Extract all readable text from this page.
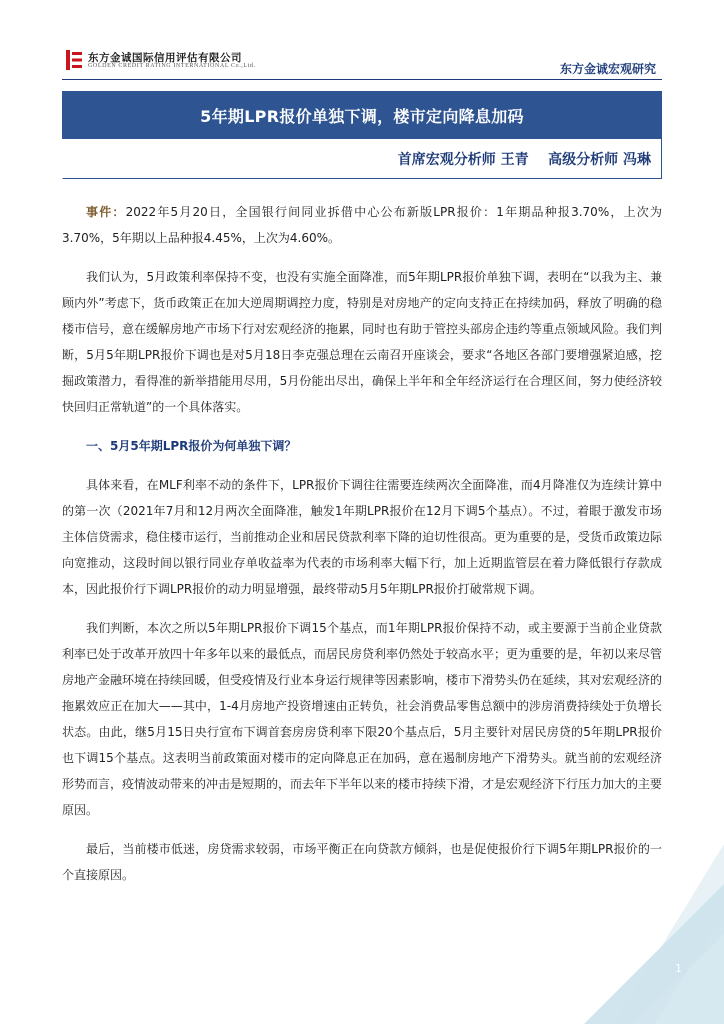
东方金诚国际信用评估有限公司
GOLDEN CREDIT RATING INTERNATIONAL Co.,Ltd.	东方金诚宏观研究
5年期LPR报价单独下调，楼市定向降息加码
首席宏观分析师 王青    高级分析师 冯琳

事件：2022年5月20日，全国银行间同业拆借中心公布新版LPR报价：1年期品种报3.70%，上次为3.70%，5年期以上品种报4.45%，上次为4.60%。

我们认为，5月政策利率保持不变，也没有实施全面降准，而5年期LPR报价单独下调，表明在“以我为主、兼顾内外”考虑下，货币政策正在加大逆周期调控力度，特别是对房地产的定向支持正在持续加码，释放了明确的稳楼市信号，意在缓解房地产市场下行对宏观经济的拖累，同时也有助于管控头部房企违约等重点领域风险。我们判断，5月5年期LPR报价下调也是对5月18日李克强总理在云南召开座谈会，要求“各地区各部门要增强紧迫感，挖掘政策潜力，看得准的新举措能用尽用，5月份能出尽出，确保上半年和全年经济运行在合理区间，努力使经济较快回归正常轨道”的一个具体落实。

一、5月5年期LPR报价为何单独下调？

具体来看，在MLF利率不动的条件下，LPR报价下调往往需要连续两次全面降准，而4月降准仅为连续计算中的第一次（2021年7月和12月两次全面降准，触发1年期LPR报价在12月下调5个基点）。不过，着眼于激发市场主体信贷需求，稳住楼市运行，当前推动企业和居民贷款利率下降的迫切性很高。更为重要的是，受货币政策边际向宽推动，这段时间以银行同业存单收益率为代表的市场利率大幅下行，加上近期监管层在着力降低银行存款成本，因此报价行下调LPR报价的动力明显增强，最终带动5月5年期LPR报价打破常规下调。

我们判断，本次之所以5年期LPR报价下调15个基点，而1年期LPR报价保持不动，或主要源于当前企业贷款利率已处于改革开放四十年多年以来的最低点，而居民房贷利率仍然处于较高水平；更为重要的是，年初以来尽管房地产金融环境在持续回暖，但受疫情及行业本身运行规律等因素影响，楼市下滑势头仍在延续，其对宏观经济的拖累效应正在加大——其中，1-4月房地产投资增速由正转负，社会消费品零售总额中的涉房消费持续处于负增长状态。由此，继5月15日央行宣布下调首套房房贷利率下限20个基点后，5月主要针对居民房贷的5年期LPR报价也下调15个基点。这表明当前政策面对楼市的定向降息正在加码，意在遏制房地产下滑势头。就当前的宏观经济形势而言，疫情波动带来的冲击是短期的，而去年下半年以来的楼市持续下滑，才是宏观经济下行压力加大的主要原因。

最后，当前楼市低迷，房贷需求较弱，市场平衡正在向贷款方倾斜，也是促使报价行下调5年期LPR报价的一个直接原因。

1
